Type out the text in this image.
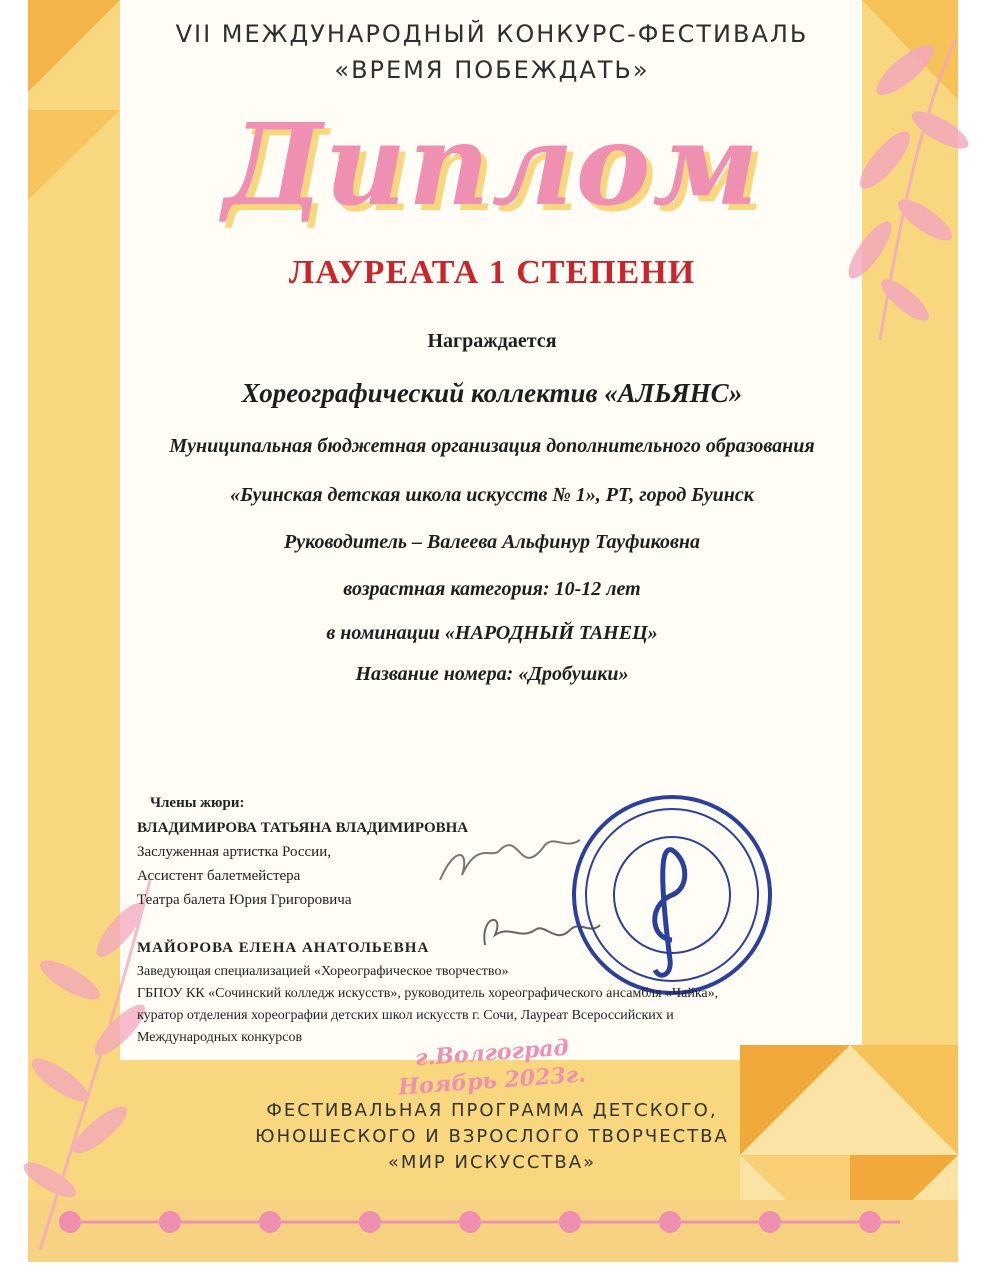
VII МЕЖДУНАРОДНЫЙ КОНКУРС-ФЕСТИВАЛЬ

«ВРЕМЯ ПОБЕЖДАТЬ»

Диплом

ЛАУРЕАТА 1 СТЕПЕНИ

Награждается

Хореографический коллектив «АЛЬЯНС»

Муниципальная бюджетная организация дополнительного образования

«Буинская детская школа искусств № 1», РТ, город Буинск

Руководитель – Валеева Альфинур Тауфиковна

возрастная категория: 10-12 лет

в номинации «НАРОДНЫЙ ТАНЕЦ»

Название номера: «Дробушки»

Члены жюри:

ВЛАДИМИРОВА ТАТЬЯНА ВЛАДИМИРОВНА

Заслуженная артистка России,

Ассистент балетмейстера

Театра балета Юрия Григоровича

МАЙОРОВА ЕЛЕНА АНАТОЛЬЕВНА

Заведующая специализацией «Хореографическое творчество»

ГБПОУ КК «Сочинский колледж искусств», руководитель хореографического ансамбля «Чайка»,

куратор отделения хореографии детских школ искусств г. Сочи, Лауреат Всероссийских и

Международных конкурсов	г.Волгоград

Ноябрь 2023г.

ФЕСТИВАЛЬНАЯ ПРОГРАММА ДЕТСКОГО,

ЮНОШЕСКОГО И ВЗРОСЛОГО ТВОРЧЕСТВА

«МИР ИСКУССТВА»
